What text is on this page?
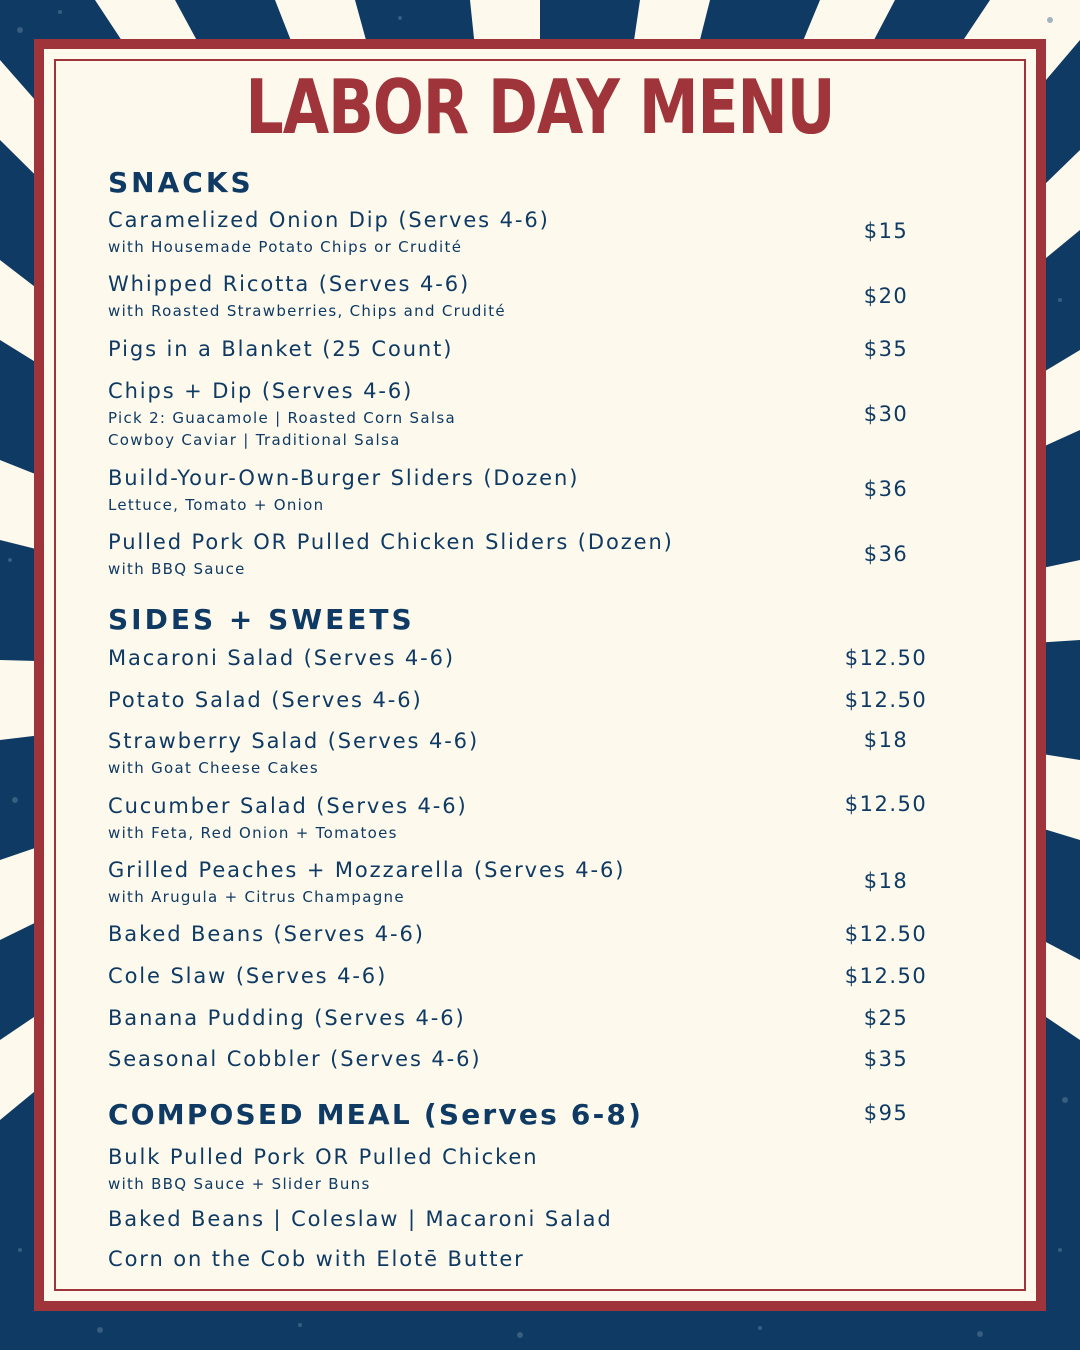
LABOR DAY MENU
SNACKS
Caramelized Onion Dip (Serves 4-6)
with Housemade Potato Chips or Crudité
$15
Whipped Ricotta (Serves 4-6)
with Roasted Strawberries, Chips and Crudité
$20
Pigs in a Blanket (25 Count)	$35
Chips + Dip (Serves 4-6)
Pick 2: Guacamole | Roasted Corn Salsa
Cowboy Caviar | Traditional Salsa
$30
Build-Your-Own-Burger Sliders (Dozen)
Lettuce, Tomato + Onion
$36
Pulled Pork OR Pulled Chicken Sliders (Dozen)
with BBQ Sauce
$36
SIDES + SWEETS
Macaroni Salad (Serves 4-6)	$12.50
Potato Salad (Serves 4-6)	$12.50
Strawberry Salad (Serves 4-6)
with Goat Cheese Cakes
$18
Cucumber Salad (Serves 4-6)
with Feta, Red Onion + Tomatoes
$12.50
Grilled Peaches + Mozzarella (Serves 4-6)
with Arugula + Citrus Champagne
$18
Baked Beans (Serves 4-6)	$12.50
Cole Slaw (Serves 4-6)	$12.50
Banana Pudding (Serves 4-6)	$25
Seasonal Cobbler (Serves 4-6)	$35
COMPOSED MEAL (Serves 6-8)	$95
Bulk Pulled Pork OR Pulled Chicken
with BBQ Sauce + Slider Buns
Baked Beans | Coleslaw | Macaroni Salad
Corn on the Cob with Elotē Butter
